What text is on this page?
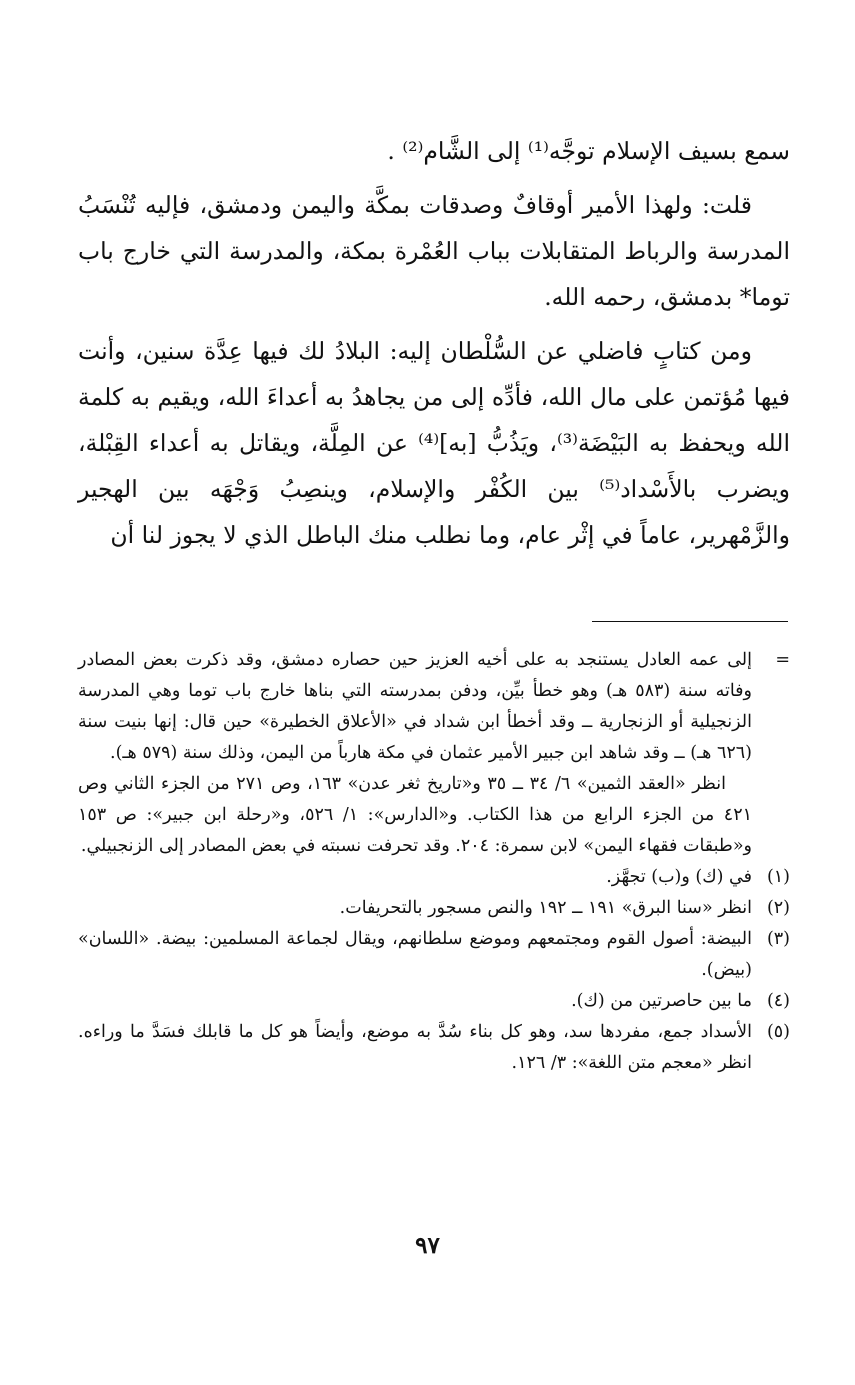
سمع بسيف الإسلام توجَّه⁽¹⁾ إلى الشَّام⁽²⁾ .

قلت: ولهذا الأمير أوقافٌ وصدقات بمكَّة واليمن ودمشق، فإليه تُنْسَبُ المدرسة والرباط المتقابلات بباب العُمْرة بمكة، والمدرسة التي خارج باب توما* بدمشق، رحمه الله.

ومن كتابٍ فاضلي عن السُّلْطان إليه: البلادُ لك فيها عِدَّة سنين، وأنت فيها مُؤتمن على مال الله، فأدِّه إلى من يجاهدُ به أعداءَ الله، ويقيم به كلمة الله ويحفظ به البَيْضَة⁽³⁾، ويَذُبُّ [به]⁽⁴⁾ عن المِلَّة، ويقاتل به أعداء القِبْلة، ويضرب بالأَسْداد⁽⁵⁾ بين الكُفْر والإسلام، وينصِبُ وَجْهَه بين الهجير والزَّمْهرير، عاماً في إثْر عام، وما نطلب منك الباطل الذي لا يجوز لنا أن

=
إلى عمه العادل يستنجد به على أخيه العزيز حين حصاره دمشق، وقد ذكرت بعض المصادر وفاته سنة (٥٨٣ هـ) وهو خطأ بيِّن، ودفن بمدرسته التي بناها خارج باب توما وهي المدرسة الزنجيلية أو الزنجارية ــ وقد أخطأ ابن شداد في «الأعلاق الخطيرة» حين قال: إنها بنيت سنة (٦٢٦ هـ) ــ وقد شاهد ابن جبير الأمير عثمان في مكة هارباً من اليمن، وذلك سنة (٥٧٩ هـ).
انظر «العقد الثمين» ٦/ ٣٤ ــ ٣٥ و«تاريخ ثغر عدن» ١٦٣، وص ٢٧١ من الجزء الثاني وص ٤٢١ من الجزء الرابع من هذا الكتاب. و«الدارس»: ١/ ٥٢٦، و«رحلة ابن جبير»: ص ١٥٣ و«طبقات فقهاء اليمن» لابن سمرة: ٢٠٤. وقد تحرفت نسبته في بعض المصادر إلى الزنجبيلي.
(١)
في (ك) و(ب) تجهَّز.
(٢)
انظر «سنا البرق» ١٩١ ــ ١٩٢ والنص مسجور بالتحريفات.
(٣)
البيضة: أصول القوم ومجتمعهم وموضع سلطانهم، ويقال لجماعة المسلمين: بيضة. «اللسان» (بيض).
(٤)
ما بين حاصرتين من (ك).
(٥)
الأسداد جمع، مفردها سد، وهو كل بناء سُدَّ به موضع، وأيضاً هو كل ما قابلك فسَدَّ ما وراءه. انظر «معجم متن اللغة»: ٣/ ١٢٦.
٩٧
